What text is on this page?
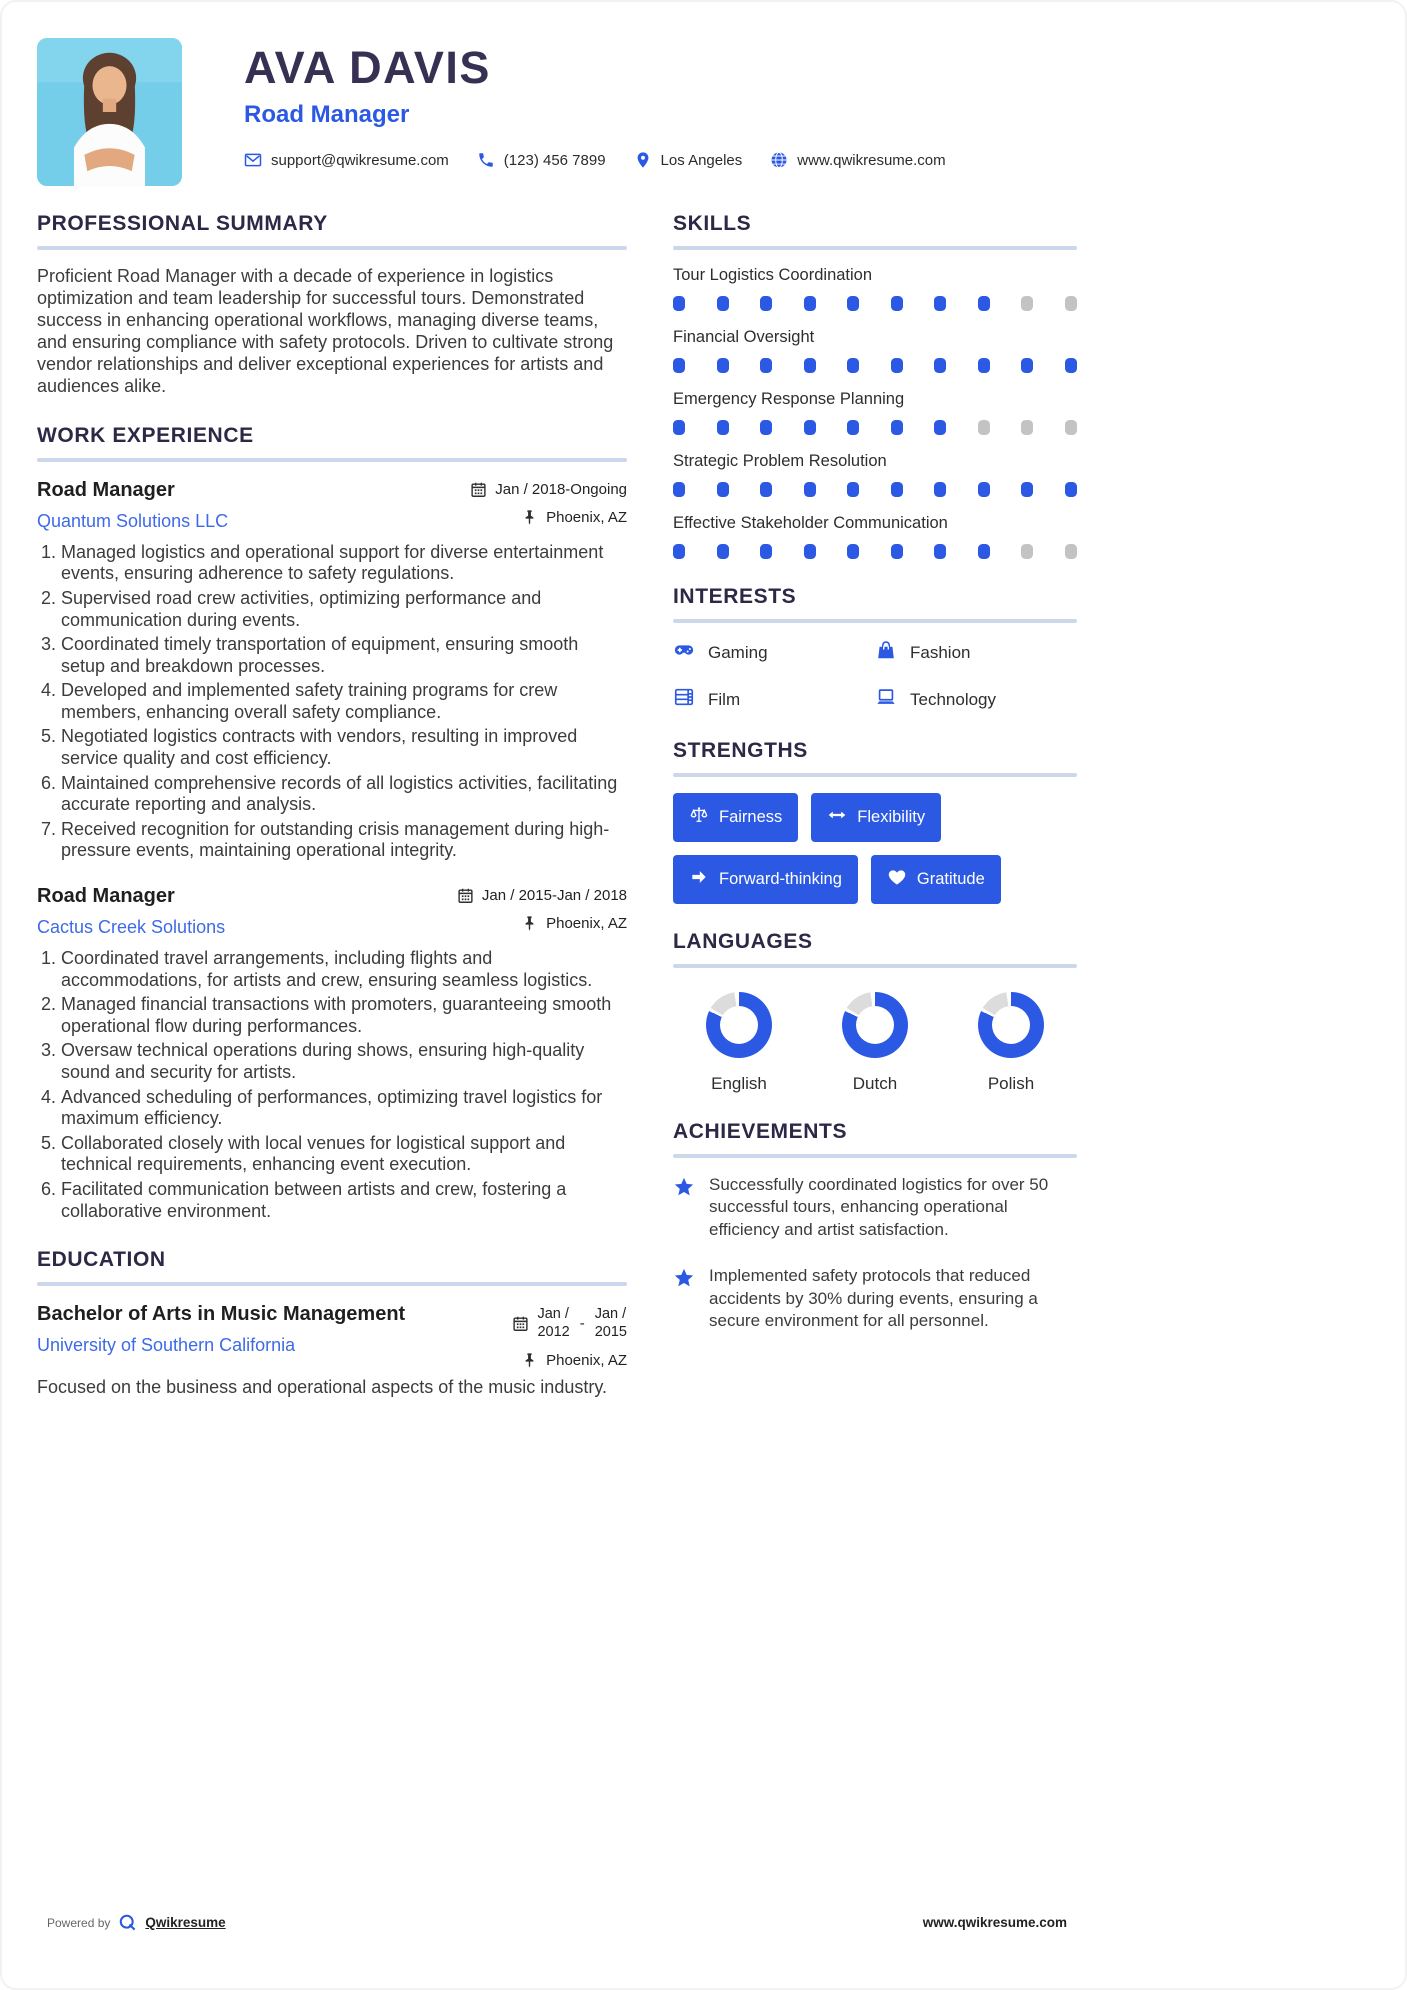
AVA DAVIS
Road Manager
support@qwikresume.com	(123) 456 7899	Los Angeles	www.qwikresume.com
PROFESSIONAL SUMMARY

Proficient Road Manager with a decade of experience in logistics optimization and team leadership for successful tours. Demonstrated success in enhancing operational workflows, managing diverse teams, and ensuring compliance with safety protocols. Driven to cultivate strong vendor relationships and deliver exceptional experiences for artists and audiences alike.

WORK EXPERIENCE
Road Manager
Quantum Solutions LLC
Jan / 2018-Ongoing
Phoenix, AZ
1. Managed logistics and operational support for diverse entertainment events, ensuring adherence to safety regulations.
2. Supervised road crew activities, optimizing performance and communication during events.
3. Coordinated timely transportation of equipment, ensuring smooth setup and breakdown processes.
4. Developed and implemented safety training programs for crew members, enhancing overall safety compliance.
5. Negotiated logistics contracts with vendors, resulting in improved service quality and cost efficiency.
6. Maintained comprehensive records of all logistics activities, facilitating accurate reporting and analysis.
7. Received recognition for outstanding crisis management during high-pressure events, maintaining operational integrity.
Road Manager
Cactus Creek Solutions
Jan / 2015-Jan / 2018
Phoenix, AZ
1. Coordinated travel arrangements, including flights and accommodations, for artists and crew, ensuring seamless logistics.
2. Managed financial transactions with promoters, guaranteeing smooth operational flow during performances.
3. Oversaw technical operations during shows, ensuring high-quality sound and security for artists.
4. Advanced scheduling of performances, optimizing travel logistics for maximum efficiency.
5. Collaborated closely with local venues for logistical support and technical requirements, enhancing event execution.
6. Facilitated communication between artists and crew, fostering a collaborative environment.
EDUCATION
Bachelor of Arts in Music Management
University of Southern California
Jan /
2012
-
Jan /
2015
Phoenix, AZ

Focused on the business and operational aspects of the music industry.

SKILLS
Tour Logistics Coordination
Financial Oversight
Emergency Response Planning
Strategic Problem Resolution
Effective Stakeholder Communication
INTERESTS
Gaming	Fashion
Film	Technology
STRENGTHS
Fairness	Flexibility
Forward-thinking	Gratitude
LANGUAGES
English	Dutch	Polish
ACHIEVEMENTS
Successfully coordinated logistics for over 50 successful tours, enhancing operational efficiency and artist satisfaction.
Implemented safety protocols that reduced accidents by 30% during events, ensuring a secure environment for all personnel.
Powered by	Qwikresume	www.qwikresume.com
